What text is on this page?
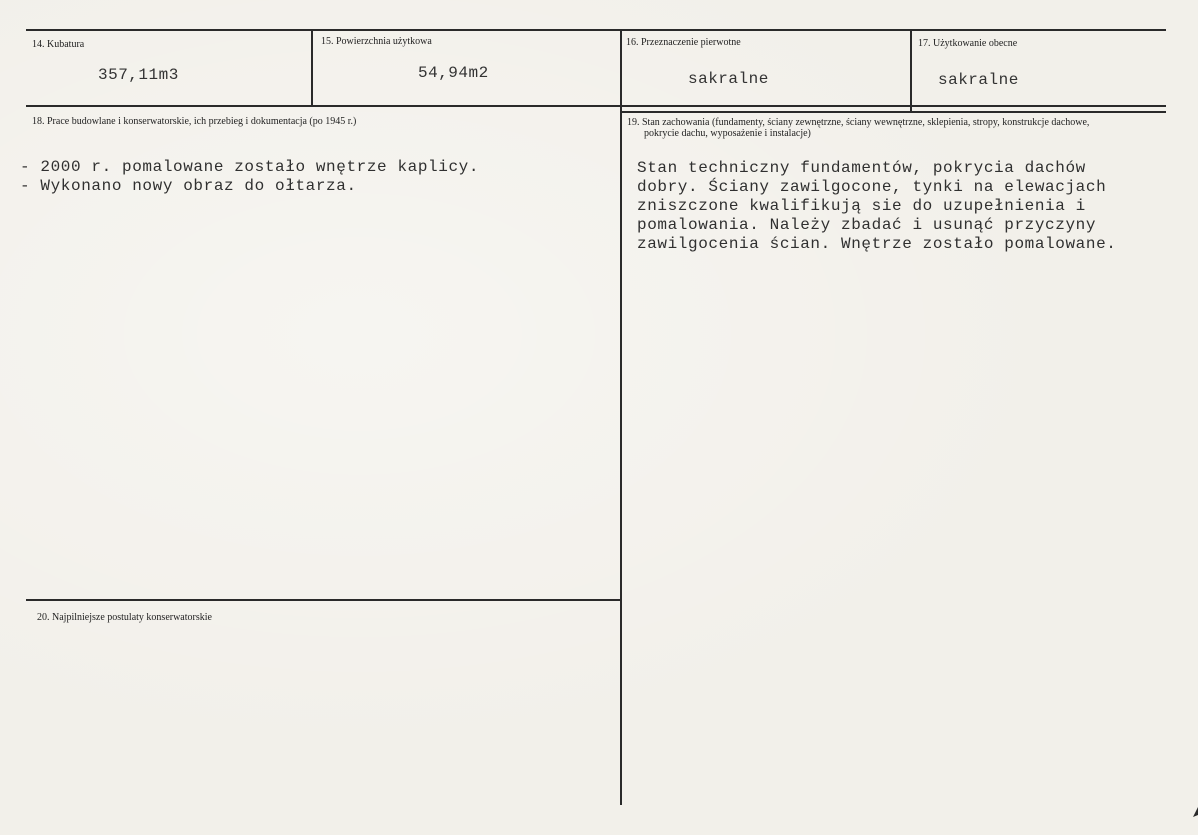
14. Kubatura
357,11m3
15. Powierzchnia użytkowa
54,94m2
16. Przeznaczenie pierwotne
sakralne
17. Użytkowanie obecne
sakralne
18. Prace budowlane i konserwatorskie, ich przebieg i dokumentacja (po 1945 r.)
- 2000 r. pomalowane zostało wnętrze kaplicy.
- Wykonano nowy obraz do ołtarza.
19. Stan zachowania (fundamenty, ściany zewnętrzne, ściany wewnętrzne, sklepienia, stropy, konstrukcje dachowe,
pokrycie dachu, wyposażenie i instalacje)
Stan techniczny fundamentów, pokrycia dachów
dobry. Ściany zawilgocone, tynki na elewacjach
zniszczone kwalifikują sie do uzupełnienia i
pomalowania. Należy zbadać i usunąć przyczyny
zawilgocenia ścian. Wnętrze zostało pomalowane.
20. Najpilniejsze postulaty konserwatorskie
